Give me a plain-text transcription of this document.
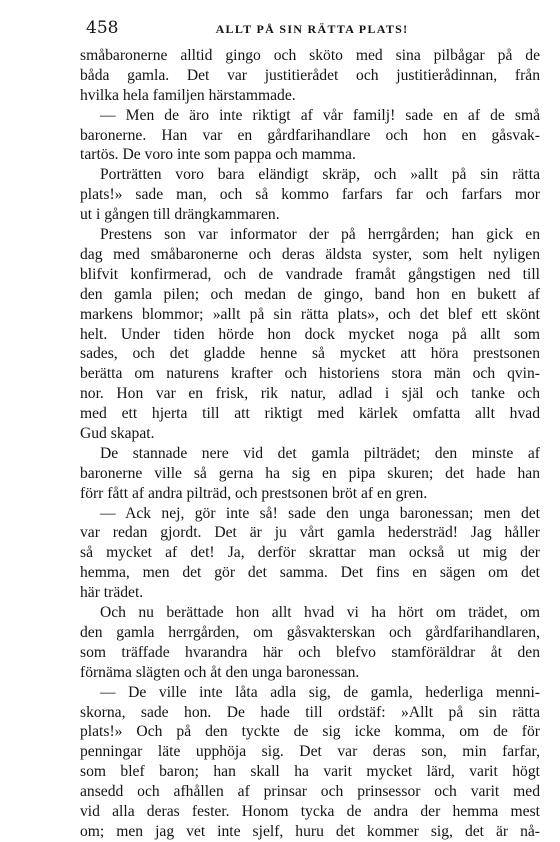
458	ALLT PÅ SIN RÄTTA PLATS!
småbaronerne alltid gingo och sköto med sina pilbågar på de
båda gamla. Det var justitierådet och justitierådinnan, från
hvilka hela familjen härstammade.
— Men de äro inte riktigt af vår familj! sade en af de små
baronerne. Han var en gårdfarihandlare och hon en gåsvak-
tartös. De voro inte som pappa och mamma.
Porträtten voro bara eländigt skräp, och »allt på sin rätta
plats!» sade man, och så kommo farfars far och farfars mor
ut i gången till drängkammaren.
Prestens son var informator der på herrgården; han gick en
dag med småbaronerne och deras äldsta syster, som helt nyligen
blifvit konfirmerad, och de vandrade framåt gångstigen ned till
den gamla pilen; och medan de gingo, band hon en bukett af
markens blommor; »allt på sin rätta plats», och det blef ett skönt
helt. Under tiden hörde hon dock mycket noga på allt som
sades, och det gladde henne så mycket att höra prestsonen
berätta om naturens krafter och historiens stora män och qvin-
nor. Hon var en frisk, rik natur, adlad i själ och tanke och
med ett hjerta till att riktigt med kärlek omfatta allt hvad
Gud skapat.
De stannade nere vid det gamla pilträdet; den minste af
baronerne ville så gerna ha sig en pipa skuren; det hade han
förr fått af andra pilträd, och prestsonen bröt af en gren.
— Ack nej, gör inte så! sade den unga baronessan; men det
var redan gjordt. Det är ju vårt gamla hedersträd! Jag håller
så mycket af det! Ja, derför skrattar man också ut mig der
hemma, men det gör det samma. Det fins en sägen om det
här trädet.
Och nu berättade hon allt hvad vi ha hört om trädet, om
den gamla herrgården, om gåsvakterskan och gårdfarihandlaren,
som träffade hvarandra här och blefvo stamföräldrar åt den
förnäma slägten och åt den unga baronessan.
— De ville inte låta adla sig, de gamla, hederliga menni-
skorna, sade hon. De hade till ordstäf: »Allt på sin rätta
plats!» Och på den tyckte de sig icke komma, om de för
penningar läte upphöja sig. Det var deras son, min farfar,
som blef baron; han skall ha varit mycket lärd, varit högt
ansedd och afhållen af prinsar och prinsessor och varit med
vid alla deras fester. Honom tycka de andra der hemma mest
om; men jag vet inte sjelf, huru det kommer sig, det är nå-
